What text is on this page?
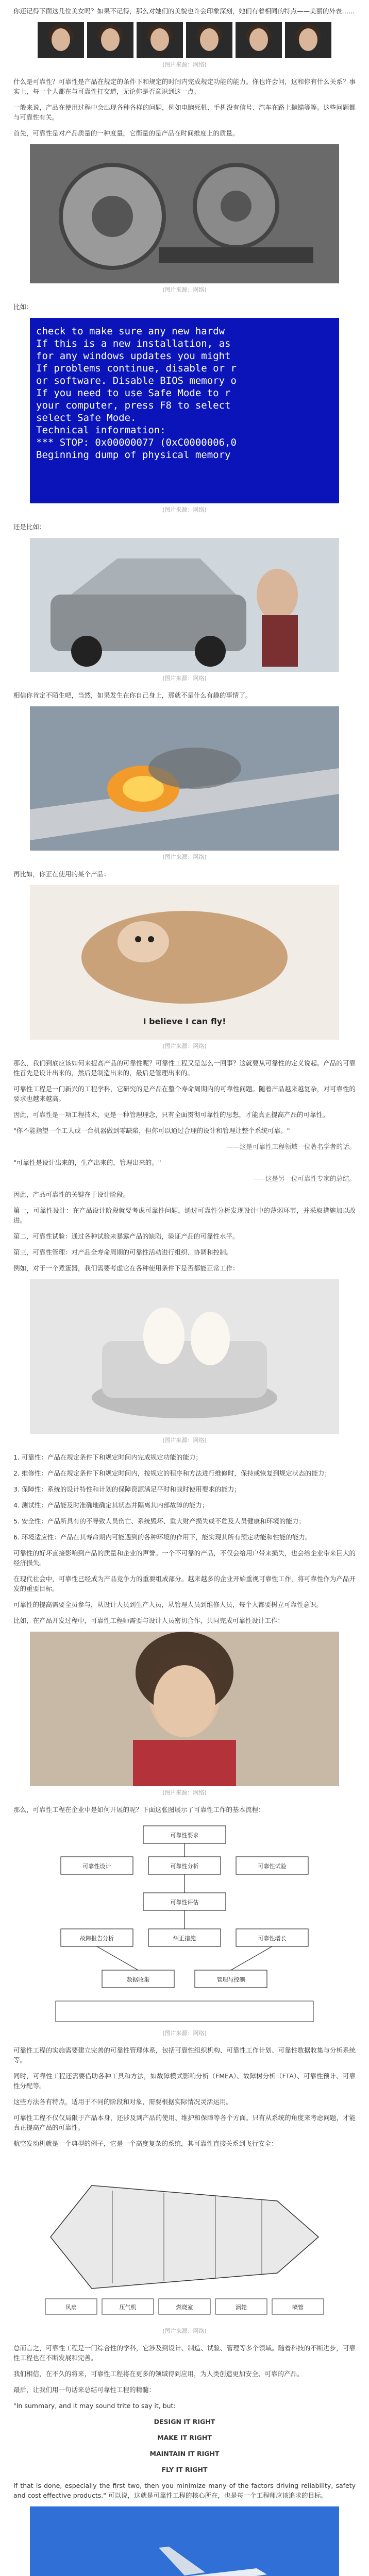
你还记得下面这几位美女吗？如果不记得，那么对她们的美貌也许会印象深刻，她们有着相同的特点——美丽的外表……

(图片来源：网络)

什么是可靠性？可靠性是产品在规定的条件下和规定的时间内完成规定功能的能力。你也许会问，这和你有什么关系？事实上，每一个人都在与可靠性打交道，无论你是否意识到这一点。

一般来说，产品在使用过程中会出现各种各样的问题，例如电脑死机、手机没有信号、汽车在路上抛锚等等。这些问题都与可靠性有关。

首先，可靠性是对产品质量的一种度量，它衡量的是产品在时间维度上的质量。

(图片来源：网络)

比如：

check to make sure any new hardw
If this is a new installation, as
for any windows updates you might
If problems continue, disable or r
or software. Disable BIOS memory o
If you need to use Safe Mode to r
your computer, press F8 to select
select Safe Mode.
Technical information:
*** STOP: 0x00000077 (0xC0000006,0
Beginning dump of physical memory
(图片来源：网络)

还是比如：

(图片来源：网络)

相信你肯定不陌生吧，当然，如果发生在你自己身上，那就不是什么有趣的事情了。

(图片来源：网络)

再比如，你正在使用的某个产品：

I believe I can fly!
(图片来源：网络)

那么，我们到底应该如何来提高产品的可靠性呢？可靠性工程又是怎么一回事？这就要从可靠性的定义说起。产品的可靠性首先是设计出来的，然后是制造出来的，最后是管理出来的。

可靠性工程是一门新兴的工程学科，它研究的是产品在整个寿命周期内的可靠性问题。随着产品越来越复杂，对可靠性的要求也越来越高。

因此，可靠性是一项工程技术，更是一种管理理念，只有全面贯彻可靠性的思想，才能真正提高产品的可靠性。

"你不能指望一个工人或一台机器做到零缺陷，但你可以通过合理的设计和管理让整个系统可靠。"

——这是可靠性工程领域一位著名学者的话。

"可靠性是设计出来的，生产出来的，管理出来的。"

——这是另一位可靠性专家的总结。

因此，产品可靠性的关键在于设计阶段。

第一，可靠性设计：在产品设计阶段就要考虑可靠性问题，通过可靠性分析发现设计中的薄弱环节，并采取措施加以改进。

第二，可靠性试验：通过各种试验来暴露产品的缺陷，验证产品的可靠性水平。

第三，可靠性管理：对产品全寿命周期的可靠性活动进行组织、协调和控制。

例如，对于一个煮蛋器，我们需要考虑它在各种使用条件下是否都能正常工作：

(图片来源：网络)

1. 可靠性：产品在规定条件下和规定时间内完成规定功能的能力；

2. 维修性：产品在规定条件下和规定时间内，按规定的程序和方法进行维修时，保持或恢复到规定状态的能力；

3. 保障性：系统的设计特性和计划的保障资源满足平时和战时使用要求的能力；

4. 测试性：产品能及时准确地确定其状态并隔离其内部故障的能力；

5. 安全性：产品所具有的不导致人员伤亡、系统毁坏、重大财产损失或不危及人员健康和环境的能力；

6. 环境适应性：产品在其寿命期内可能遇到的各种环境的作用下，能实现其所有预定功能和性能的能力。

可靠性的好坏直接影响到产品的质量和企业的声誉。一个不可靠的产品，不仅会给用户带来损失，也会给企业带来巨大的经济损失。

在现代社会中，可靠性已经成为产品竞争力的重要组成部分。越来越多的企业开始重视可靠性工作，将可靠性作为产品开发的重要目标。

可靠性的提高需要全员参与，从设计人员到生产人员，从管理人员到维修人员，每个人都要树立可靠性意识。

比如，在产品开发过程中，可靠性工程师需要与设计人员密切合作，共同完成可靠性设计工作：

(图片来源：网络)

那么，可靠性工程在企业中是如何开展的呢？下面这张图展示了可靠性工作的基本流程：

可靠性要求
可靠性设计	可靠性分析	可靠性试验
可靠性评估
故障报告分析	纠正措施	可靠性增长
数据收集	管理与控制
(图片来源：网络)

可靠性工程的实施需要建立完善的可靠性管理体系，包括可靠性组织机构、可靠性工作计划、可靠性数据收集与分析系统等。

同时，可靠性工程还需要借助各种工具和方法，如故障模式影响分析（FMEA）、故障树分析（FTA）、可靠性预计、可靠性分配等。

这些方法各有特点，适用于不同的阶段和对象，需要根据实际情况灵活运用。

可靠性工程不仅仅局限于产品本身，还涉及到产品的使用、维护和保障等各个方面。只有从系统的角度来考虑问题，才能真正提高产品的可靠性。

航空发动机就是一个典型的例子，它是一个高度复杂的系统，其可靠性直接关系到飞行安全：

风扇	压气机	燃烧室	涡轮	喷管
(图片来源：网络)

总而言之，可靠性工程是一门综合性的学科，它涉及到设计、制造、试验、管理等多个领域。随着科技的不断进步，可靠性工程也在不断发展和完善。

我们相信，在不久的将来，可靠性工程将在更多的领域得到应用，为人类创造更加安全、可靠的产品。

最后，让我们用一句话来总结可靠性工程的精髓：

"In summary, and it may sound trite to say it, but:

DESIGN IT RIGHT

MAKE IT RIGHT

MAINTAIN IT RIGHT

FLY IT RIGHT

If that is done, especially the first two, then you minimize many of the factors driving reliability, safety and cost effective products." 可以说，这就是可靠性工程的核心所在，也是每一个工程师应该追求的目标。
